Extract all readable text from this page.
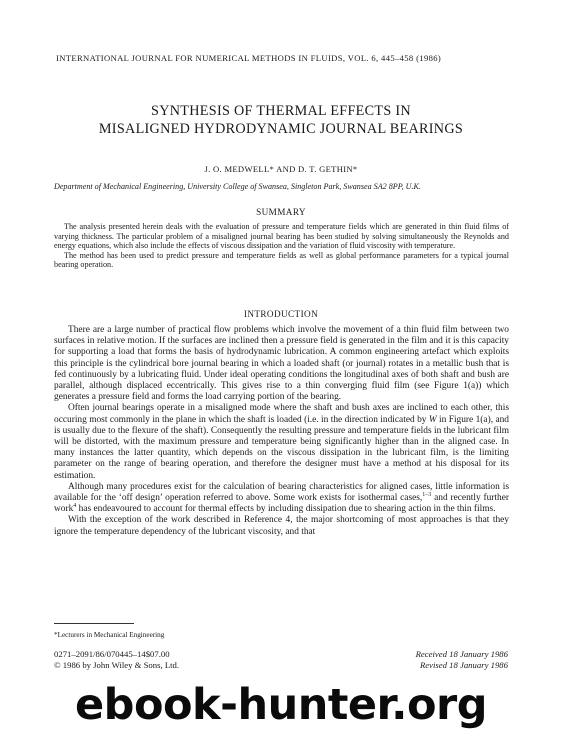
INTERNATIONAL JOURNAL FOR NUMERICAL METHODS IN FLUIDS, VOL. 6, 445–458 (1986)
SYNTHESIS OF THERMAL EFFECTS IN
MISALIGNED HYDRODYNAMIC JOURNAL BEARINGS
J. O. MEDWELL* AND D. T. GETHIN*
Department of Mechanical Engineering, University College of Swansea, Singleton Park, Swansea SA2 8PP, U.K.
SUMMARY

The analysis presented herein deals with the evaluation of pressure and temperature fields which are generated in thin fluid films of varying thickness. The particular problem of a misaligned journal bearing has been studied by solving simultaneously the Reynolds and energy equations, which also include the effects of viscous dissipation and the variation of fluid viscosity with temperature.

The method has been used to predict pressure and temperature fields as well as global performance parameters for a typical journal bearing operation.

INTRODUCTION

There are a large number of practical flow problems which involve the movement of a thin fluid film between two surfaces in relative motion. If the surfaces are inclined then a pressure field is generated in the film and it is this capacity for supporting a load that forms the basis of hydrodynamic lubrication. A common engineering artefact which exploits this principle is the cylindrical bore journal bearing in which a loaded shaft (or journal) rotates in a metallic bush that is fed continuously by a lubricating fluid. Under ideal operating conditions the longitudinal axes of both shaft and bush are parallel, although displaced eccentrically. This gives rise to a thin converging fluid film (see Figure 1(a)) which generates a pressure field and forms the load carrying portion of the bearing.

Often journal bearings operate in a misaligned mode where the shaft and bush axes are inclined to each other, this occuring most commonly in the plane in which the shaft is loaded (i.e. in the direction indicated by W in Figure 1(a), and is usually due to the flexure of the shaft). Consequently the resulting pressure and temperature fields in the lubricant film will be distorted, with the maximum pressure and temperature being significantly higher than in the aligned case. In many instances the latter quantity, which depends on the viscous dissipation in the lubricant film, is the limiting parameter on the range of bearing operation, and therefore the designer must have a method at his disposal for its estimation.

Although many procedures exist for the calculation of bearing characteristics for aligned cases, little information is available for the ‘off design’ operation referred to above. Some work exists for isothermal cases,$^{1-3}$ and recently further work$^4$ has endeavoured to account for thermal effects by including dissipation due to shearing action in the thin films.

With the exception of the work described in Reference 4, the major shortcoming of most approaches is that they ignore the temperature dependency of the lubricant viscosity, and that

*Lecturers in Mechanical Engineering
0271–2091/86/070445–14$07.00
© 1986 by John Wiley & Sons, Ltd.
Received 18 January 1986
Revised 18 January 1986
ebook-hunter.org
